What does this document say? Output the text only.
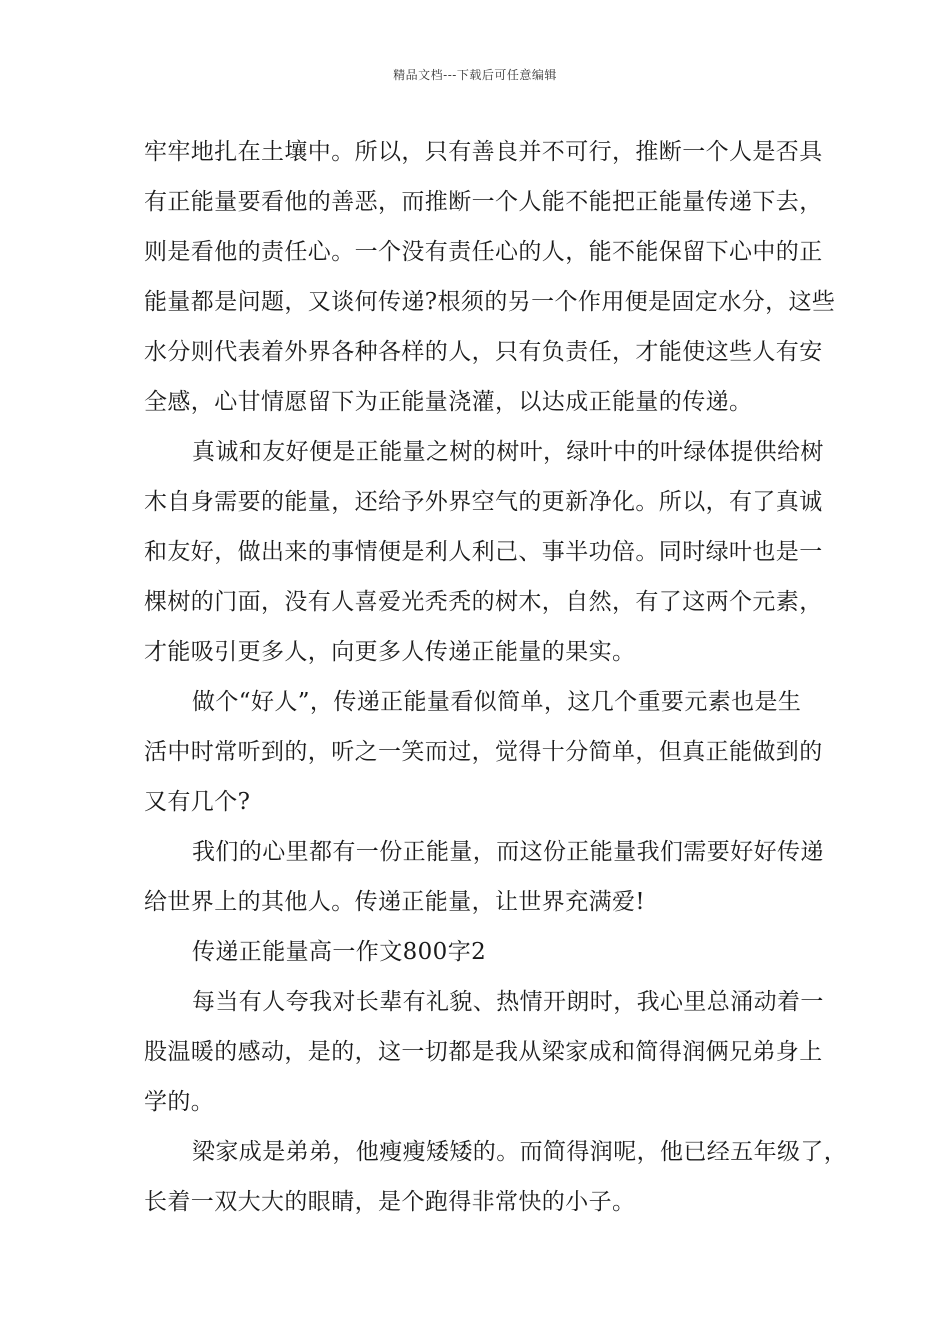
精品文档---下载后可任意编辑
牢牢地扎在土壤中。所以，只有善良并不可行，推断一个人是否具
有正能量要看他的善恶，而推断一个人能不能把正能量传递下去，
则是看他的责任心。一个没有责任心的人，能不能保留下心中的正
能量都是问题，又谈何传递?根须的另一个作用便是固定水分，这些
水分则代表着外界各种各样的人，只有负责任，才能使这些人有安
全感，心甘情愿留下为正能量浇灌，以达成正能量的传递。
真诚和友好便是正能量之树的树叶，绿叶中的叶绿体提供给树
木自身需要的能量，还给予外界空气的更新净化。所以，有了真诚
和友好，做出来的事情便是利人利己、事半功倍。同时绿叶也是一
棵树的门面，没有人喜爱光秃秃的树木，自然，有了这两个元素，
才能吸引更多人，向更多人传递正能量的果实。
做个“好人”，传递正能量看似简单，这几个重要元素也是生
活中时常听到的，听之一笑而过，觉得十分简单，但真正能做到的
又有几个?
我们的心里都有一份正能量，而这份正能量我们需要好好传递
给世界上的其他人。传递正能量，让世界充满爱!
传递正能量高一作文800字2
每当有人夸我对长辈有礼貌、热情开朗时，我心里总涌动着一
股温暖的感动，是的，这一切都是我从梁家成和简得润俩兄弟身上
学的。
梁家成是弟弟，他瘦瘦矮矮的。而简得润呢，他已经五年级了，
长着一双大大的眼睛，是个跑得非常快的小子。
